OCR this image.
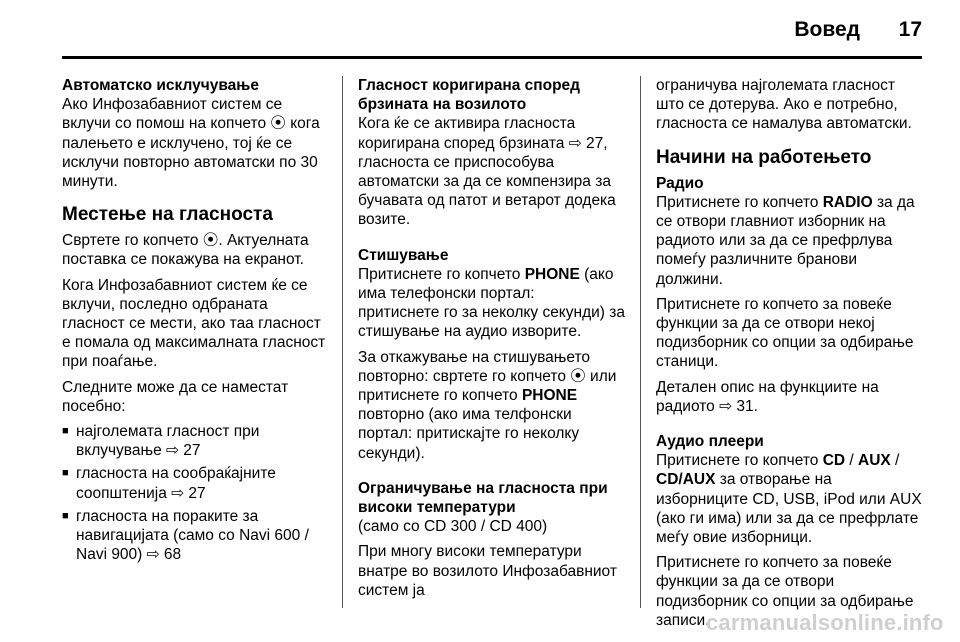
Вовед	17
Автоматско исклучување
Ако Инфозабавниот систем се вклучи со помош на копчето ⦿ кога палењето е исклучено, тој ќе се исклучи повторно автоматски по 30 минути.
Местење на гласноста
Свртете го копчето ⦿. Актуелната поставка се покажува на екранот.
Кога Инфозабавниот систем ќе се вклучи, последно одбраната гласност се мести, ако таа гласност е помала од максималната гласност при поаѓање.
Следните може да се наместат посебно:
■ најголемата гласност при вклучување ⇨ 27
■ гласноста на сообраќајните соопштенија ⇨ 27
■ гласноста на пораките за навигацијата (само со Navi 600 / Navi 900) ⇨ 68
Гласност коригирана според брзината на возилото
Кога ќе се активира гласноста коригирана според брзината ⇨ 27, гласноста се приспособува автоматски за да се компензира за бучавата од патот и ветарот додека возите.
Стишување
Притиснете го копчето PHONE (ако има телефонски портал:
притиснете го за неколку секунди) за стишување на аудио изворите.
За откажување на стишувањето повторно: свртете го копчето ⦿ или притиснете го копчето PHONE повторно (ако има телфонски портал: притискајте го неколку секунди).
Ограничување на гласноста при високи температури
(само со CD 300 / CD 400)
При многу високи температури внатре во возилото Инфозабавниот систем ја
ограничува најголемата гласност што се дотерува. Ако е потребно, гласноста се намалува автоматски.
Начини на работењето
Радио
Притиснете го копчето RADIO за да се отвори главниот изборник на радиото или за да се префрлува помеѓу различните бранови должини.
Притиснете го копчето за повеќе функции за да се отвори некој подизборник со опции за одбирање станици.
Детален опис на функциите на радиото ⇨ 31.
Аудио плеери
Притиснете го копчето CD / AUX / CD/AUX за отворање на изборниците CD, USB, iPod или AUX (ако ги има) или за да се префрлате меѓу овие изборници.
Притиснете го копчето за повеќе функции за да се отвори подизборник со опции за одбирање записи.
carmanualsonline.info
